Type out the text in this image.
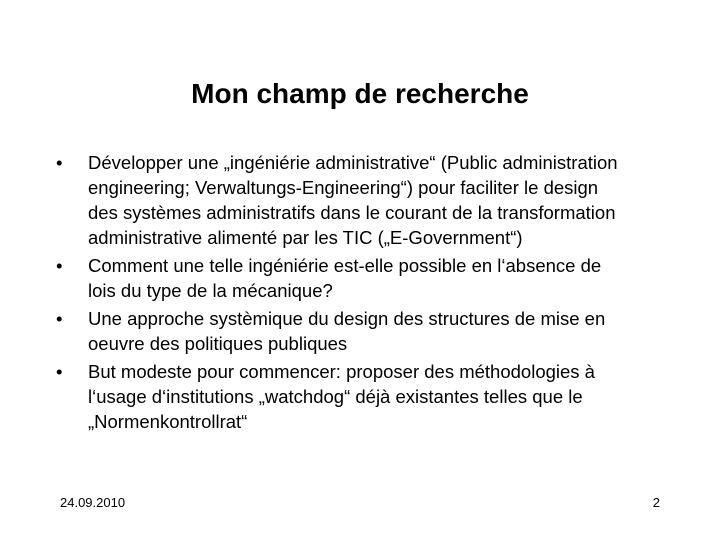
Mon champ de recherche
• Développer une „ingéniérie administrative“ (Public administration
engineering; Verwaltungs-Engineering“) pour faciliter le design
des systèmes administratifs dans le courant de la transformation
administrative alimenté par les TIC („E-Government“)
• Comment une telle ingéniérie est-elle possible en l‘absence de
lois du type de la mécanique?
• Une approche systèmique du design des structures de mise en
oeuvre des politiques publiques
• But modeste pour commencer: proposer des méthodologies à
l‘usage d‘institutions „watchdog“ déjà existantes telles que le
„Normenkontrollrat“
24.09.2010	2
